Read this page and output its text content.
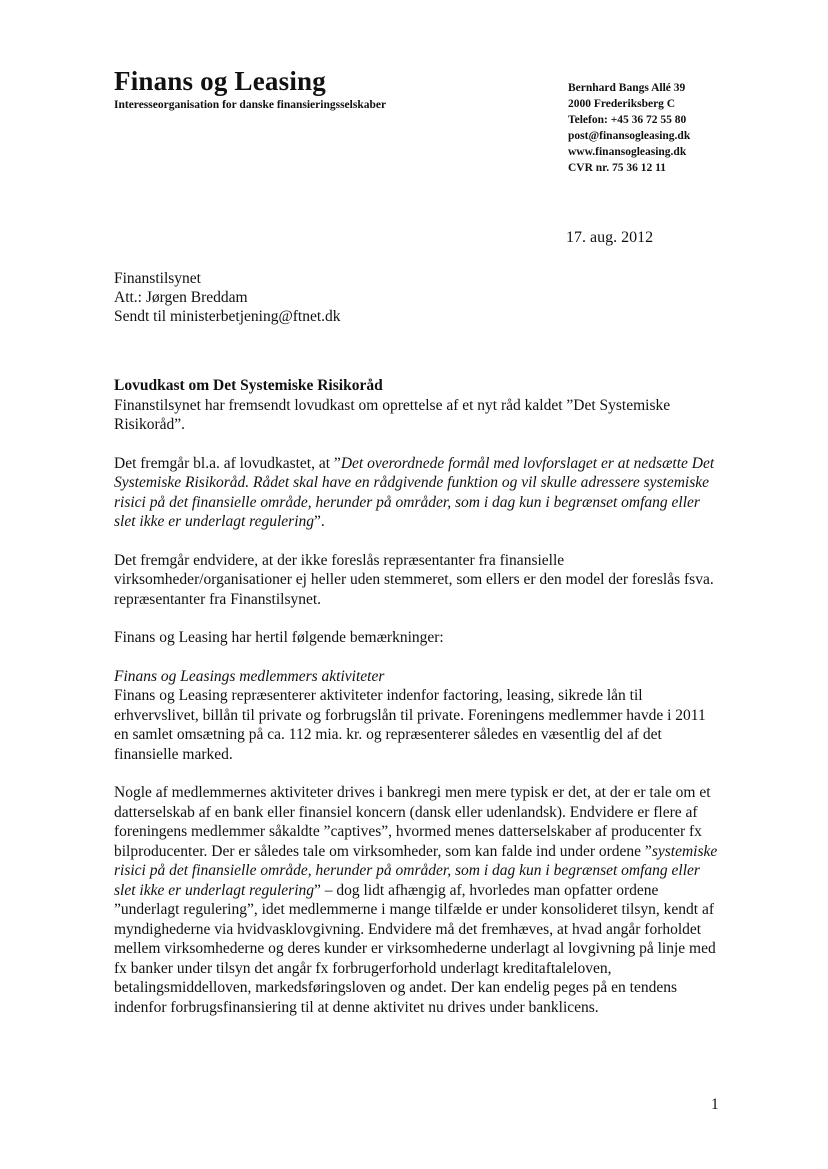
Finans og Leasing
Interesseorganisation for danske finansieringsselskaber
Bernhard Bangs Allé 39
2000 Frederiksberg C
Telefon: +45 36 72 55 80
post@finansogleasing.dk
www.finansogleasing.dk
CVR nr. 75 36 12 11
17. aug. 2012
Finanstilsynet
Att.: Jørgen Breddam
Sendt til ministerbetjening@ftnet.dk

Lovudkast om Det Systemiske Risikoråd
Finanstilsynet har fremsendt lovudkast om oprettelse af et nyt råd kaldet ”Det Systemiske Risikoråd”.

Det fremgår bl.a. af lovudkastet, at ”Det overordnede formål med lovforslaget er at nedsætte Det Systemiske Risikoråd. Rådet skal have en rådgivende funktion og vil skulle adressere systemiske risici på det finansielle område, herunder på områder, som i dag kun i begrænset omfang eller slet ikke er underlagt regulering”.

Det fremgår endvidere, at der ikke foreslås repræsentanter fra finansielle virksomheder/organisationer ej heller uden stemmeret, som ellers er den model der foreslås fsva. repræsentanter fra Finanstilsynet.

Finans og Leasing har hertil følgende bemærkninger:

Finans og Leasings medlemmers aktiviteter
Finans og Leasing repræsenterer aktiviteter indenfor factoring, leasing, sikrede lån til erhvervslivet, billån til private og forbrugslån til private. Foreningens medlemmer havde i 2011 en samlet omsætning på ca. 112 mia. kr. og repræsenterer således en væsentlig del af det finansielle marked.

Nogle af medlemmernes aktiviteter drives i bankregi men mere typisk er det, at der er tale om et datterselskab af en bank eller finansiel koncern (dansk eller udenlandsk). Endvidere er flere af foreningens medlemmer såkaldte ”captives”, hvormed menes datterselskaber af producenter fx bilproducenter. Der er således tale om virksomheder, som kan falde ind under ordene ”systemiske risici på det finansielle område, herunder på områder, som i dag kun i begrænset omfang eller slet ikke er underlagt regulering” – dog lidt afhængig af, hvorledes man opfatter ordene ”underlagt regulering”, idet medlemmerne i mange tilfælde er under konsolideret tilsyn, kendt af myndighederne via hvidvasklovgivning. Endvidere må det fremhæves, at hvad angår forholdet mellem virksomhederne og deres kunder er virksomhederne underlagt al lovgivning på linje med fx banker under tilsyn det angår fx forbrugerforhold underlagt kreditaftaleloven, betalingsmiddelloven, markedsføringsloven og andet. Der kan endelig peges på en tendens indenfor forbrugsfinansiering til at denne aktivitet nu drives under banklicens.

1
